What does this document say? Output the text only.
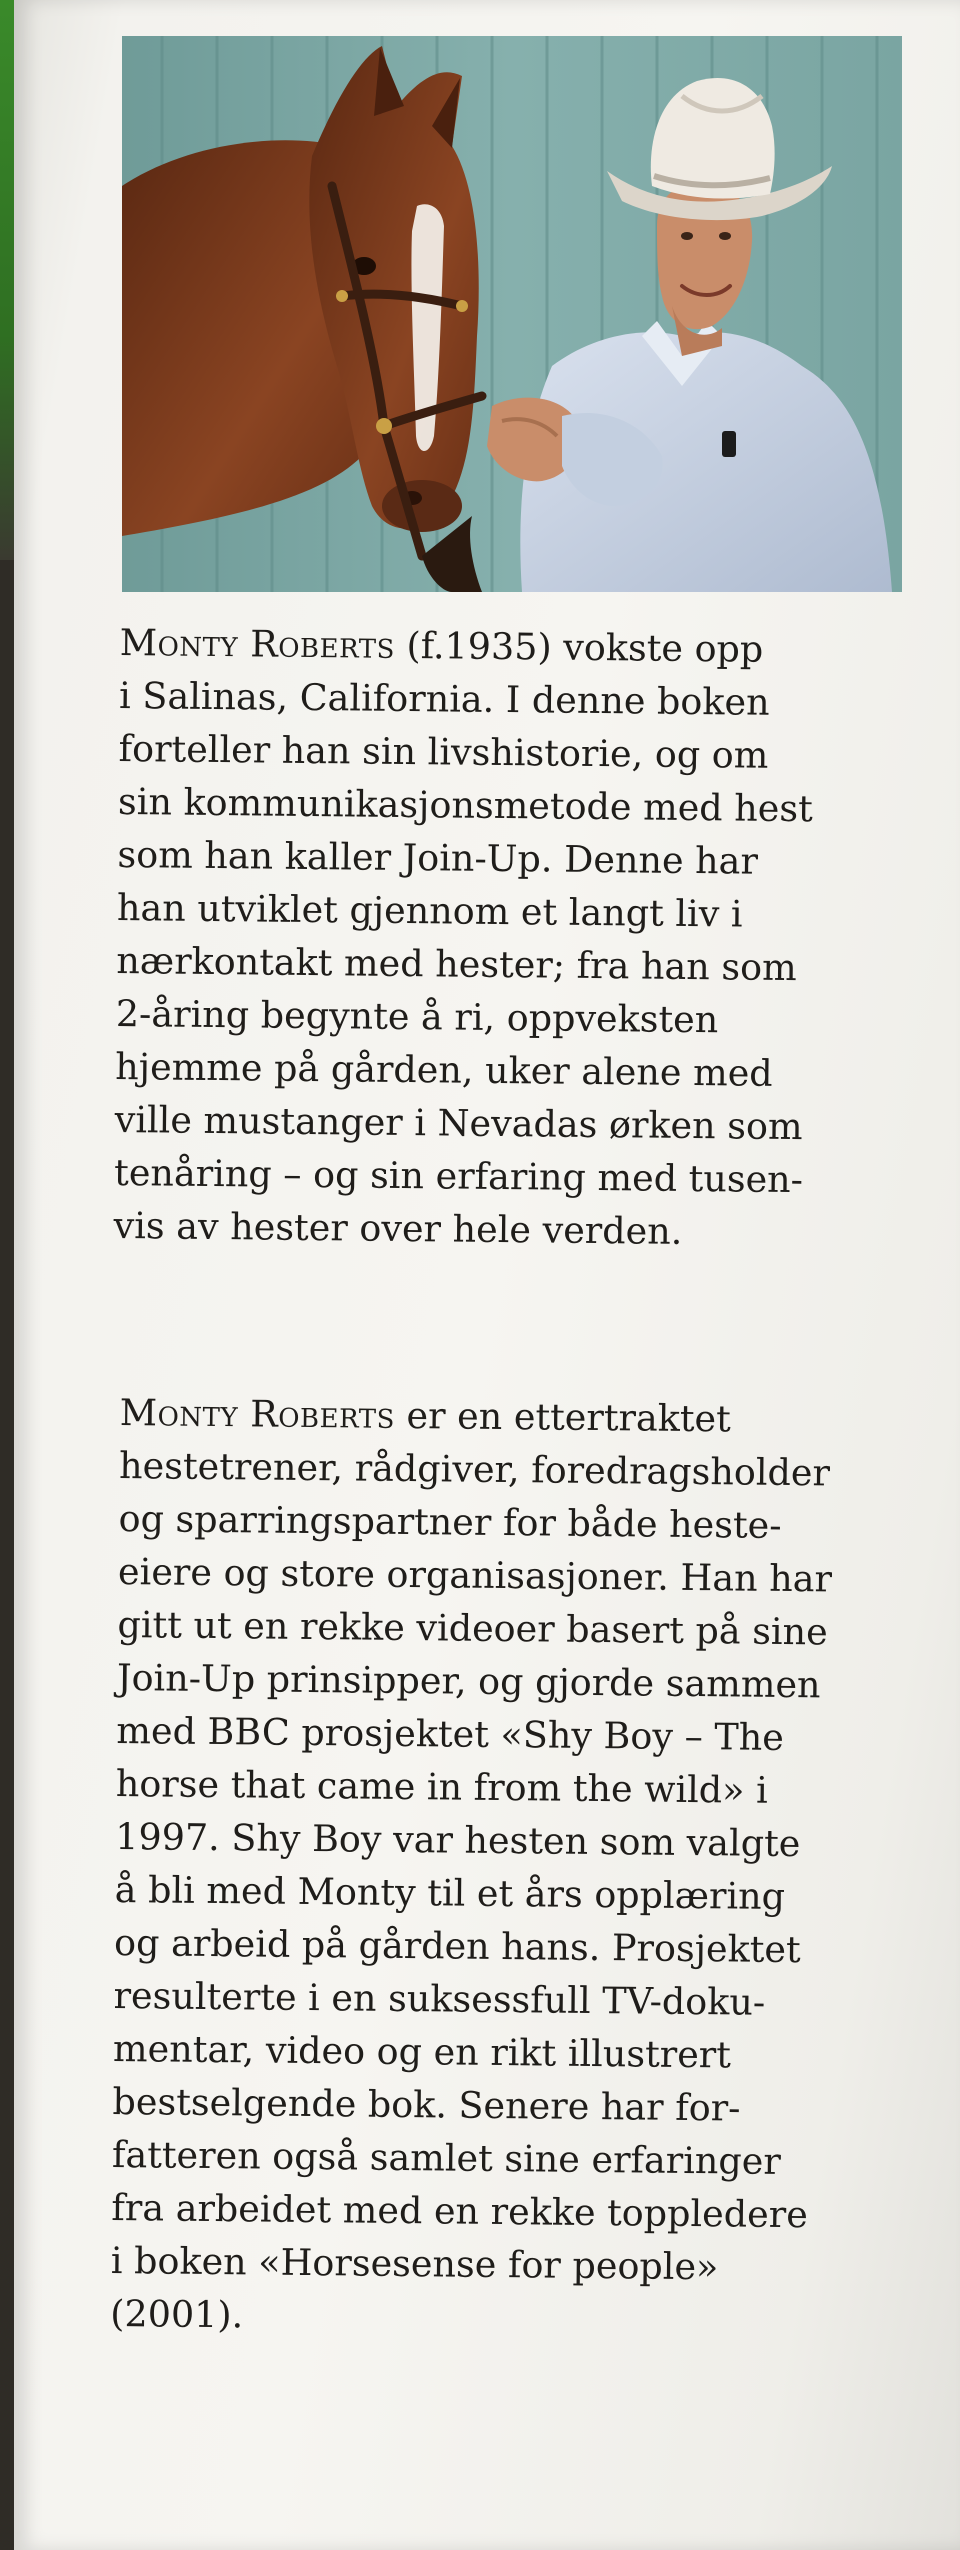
Monty Roberts (f.1935) vokste opp
i Salinas, California. I denne boken
forteller han sin livshistorie, og om
sin kommunikasjonsmetode med hest
som han kaller Join-Up. Denne har
han utviklet gjennom et langt liv i
nærkontakt med hester; fra han som
2-åring begynte å ri, oppveksten
hjemme på gården, uker alene med
ville mustanger i Nevadas ørken som
tenåring – og sin erfaring med tusen-
vis av hester over hele verden.
Monty Roberts er en ettertraktet
hestetrener, rådgiver, foredragsholder
og sparringspartner for både heste-
eiere og store organisasjoner. Han har
gitt ut en rekke videoer basert på sine
Join-Up prinsipper, og gjorde sammen
med BBC prosjektet «Shy Boy – The
horse that came in from the wild» i
1997. Shy Boy var hesten som valgte
å bli med Monty til et års opplæring
og arbeid på gården hans. Prosjektet
resulterte i en suksessfull TV-doku-
mentar, video og en rikt illustrert
bestselgende bok. Senere har for-
fatteren også samlet sine erfaringer
fra arbeidet med en rekke toppledere
i boken «Horsesense for people»
(2001).
